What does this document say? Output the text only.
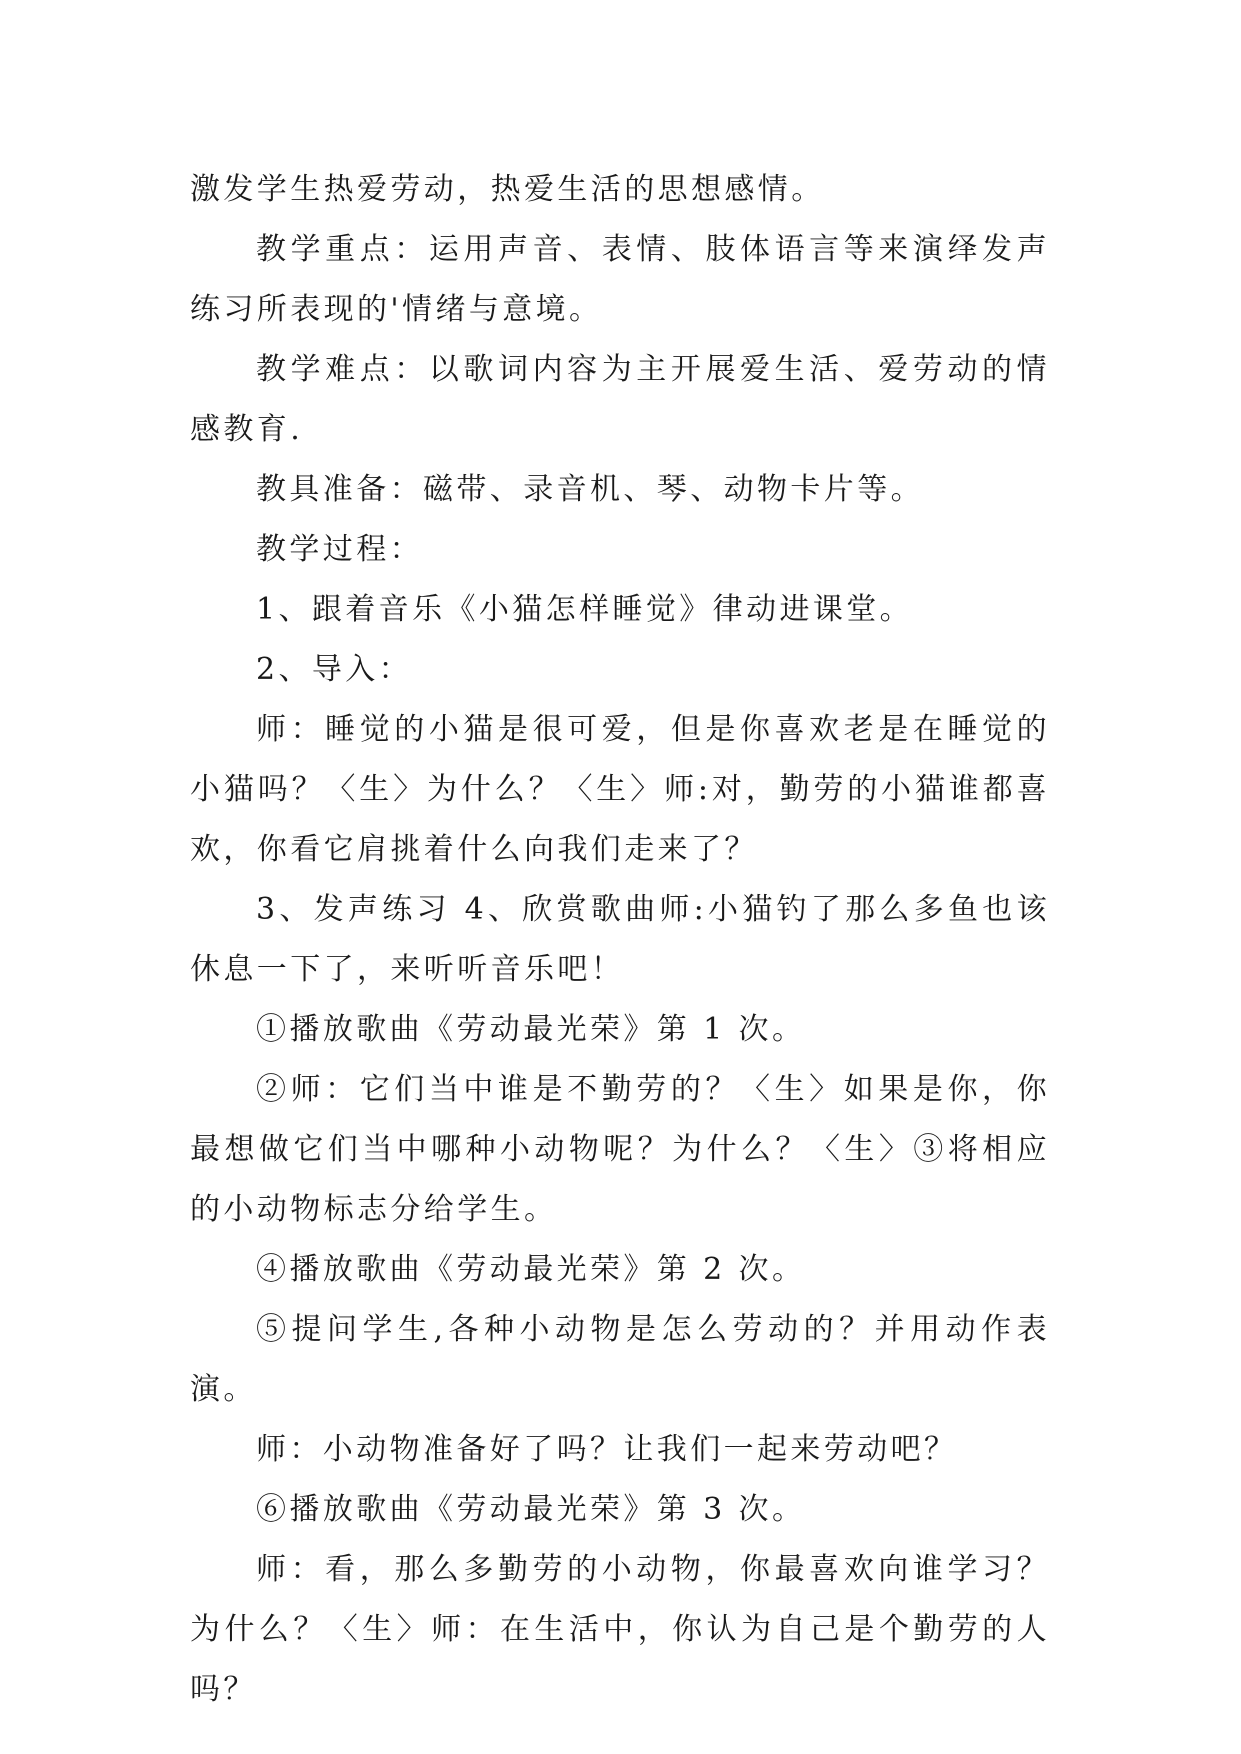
激发学生热爱劳动，热爱生活的思想感情。

教学重点：运用声音、表情、肢体语言等来演绎发声练习所表现的'情绪与意境。

教学难点：以歌词内容为主开展爱生活、爱劳动的情感教育.

教具准备：磁带、录音机、琴、动物卡片等。

教学过程：

1、跟着音乐《小猫怎样睡觉》律动进课堂。

2、导入：

师：睡觉的小猫是很可爱，但是你喜欢老是在睡觉的小猫吗？〈生〉为什么？〈生〉师:对，勤劳的小猫谁都喜欢，你看它肩挑着什么向我们走来了？

3、发声练习 4、欣赏歌曲师:小猫钓了那么多鱼也该休息一下了，来听听音乐吧！

①播放歌曲《劳动最光荣》第 1 次。

②师：它们当中谁是不勤劳的？〈生〉如果是你，你最想做它们当中哪种小动物呢？为什么？〈生〉③将相应的小动物标志分给学生。

④播放歌曲《劳动最光荣》第 2 次。

⑤提问学生,各种小动物是怎么劳动的？并用动作表演。

师：小动物准备好了吗？让我们一起来劳动吧？

⑥播放歌曲《劳动最光荣》第 3 次。

师：看，那么多勤劳的小动物，你最喜欢向谁学习？为什么？〈生〉师：在生活中，你认为自己是个勤劳的人吗？
